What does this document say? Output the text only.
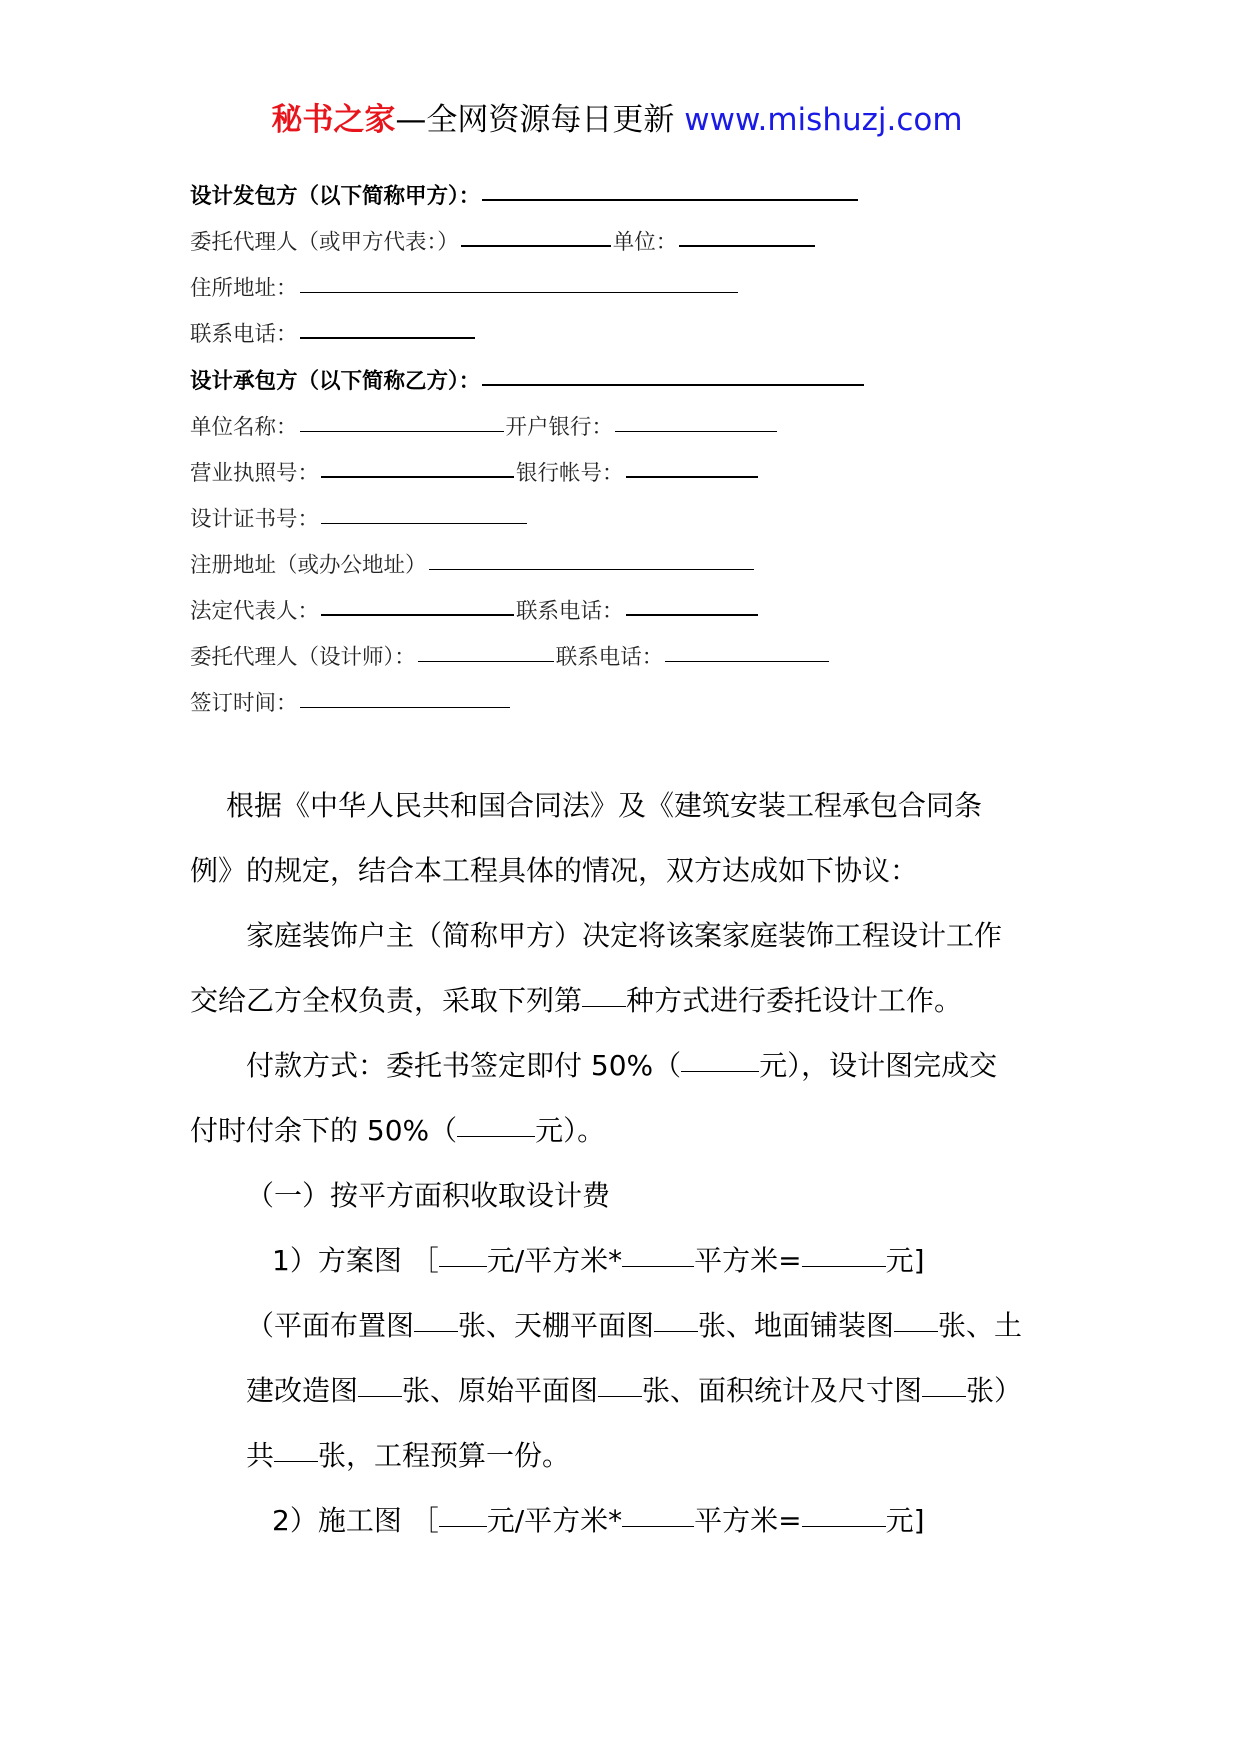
秘书之家—全网资源每日更新 www.mishuzj.com
设计发包方（以下简称甲方）：
委托代理人（或甲方代表：）	单位：
住所地址：
联系电话：
设计承包方（以下简称乙方）：
单位名称：	开户银行：
营业执照号：	银行帐号：
设计证书号：
注册地址（或办公地址）
法定代表人：	联系电话：
委托代理人（设计师）：	联系电话：
签订时间：
根据《中华人民共和国合同法》及《建筑安装工程承包合同条
例》的规定，结合本工程具体的情况，双方达成如下协议：
家庭装饰户主（简称甲方）决定将该案家庭装饰工程设计工作
交给乙方全权负责，采取下列第 种方式进行委托设计工作。
付款方式：委托书签定即付 50%（	元），设计图完成交
付时付余下的 50%（	元）。
（一）按平方面积收取设计费
1）方案图 ［ 元/平方米*	平方米=	元]
（平面布置图 张、天棚平面图 张、地面铺装图 张、土
建改造图 张、原始平面图 张、面积统计及尺寸图 张）
共 张，工程预算一份。
2）施工图 ［ 元/平方米*	平方米=	元]
